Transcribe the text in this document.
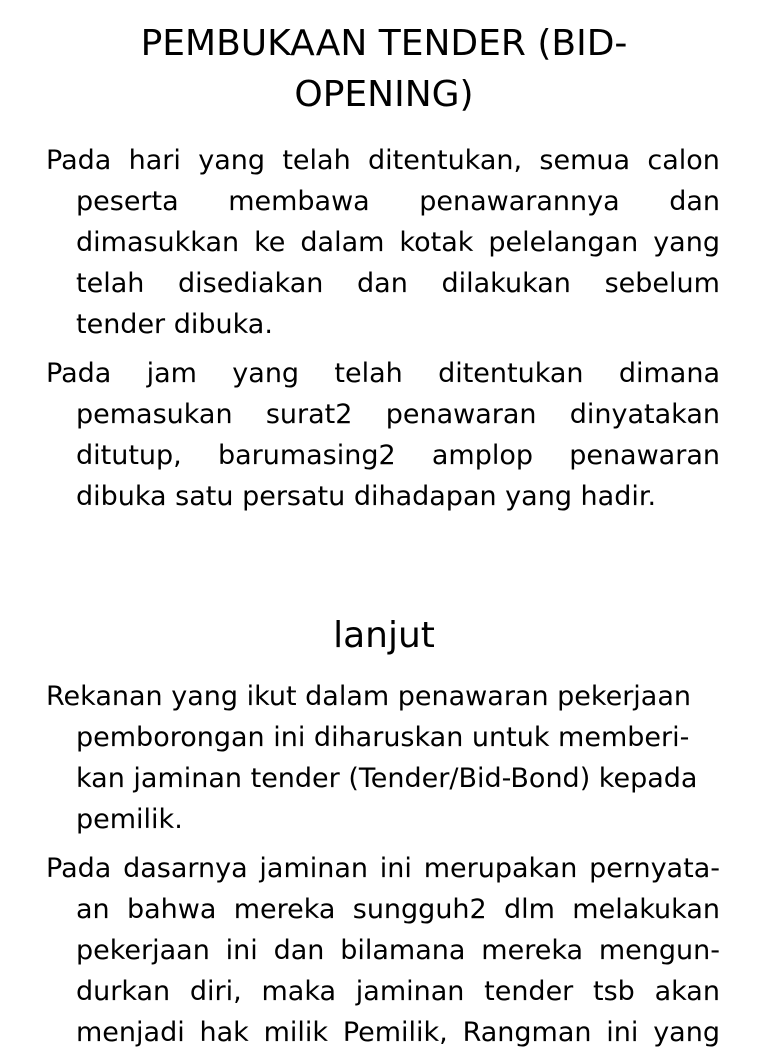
PEMBUKAAN TENDER (BID-
OPENING)
Pada hari yang telah ditentukan, semua calon
peserta membawa penawarannya dan
dimasukkan ke dalam kotak pelelangan yang
telah disediakan dan dilakukan sebelum
tender dibuka.
Pada jam yang telah ditentukan dimana
pemasukan surat2 penawaran dinyatakan
ditutup, barumasing2 amplop penawaran
dibuka satu persatu dihadapan yang hadir.
lanjut
Rekanan yang ikut dalam penawaran pekerjaan
pemborongan ini diharuskan untuk memberi-
kan jaminan tender (Tender/Bid-Bond) kepada
pemilik.
Pada dasarnya jaminan ini merupakan pernyata-
an bahwa mereka sungguh2 dlm melakukan
pekerjaan ini dan bilamana mereka mengun-
durkan diri, maka jaminan tender tsb akan
menjadi hak milik Pemilik, Rangman ini yang
